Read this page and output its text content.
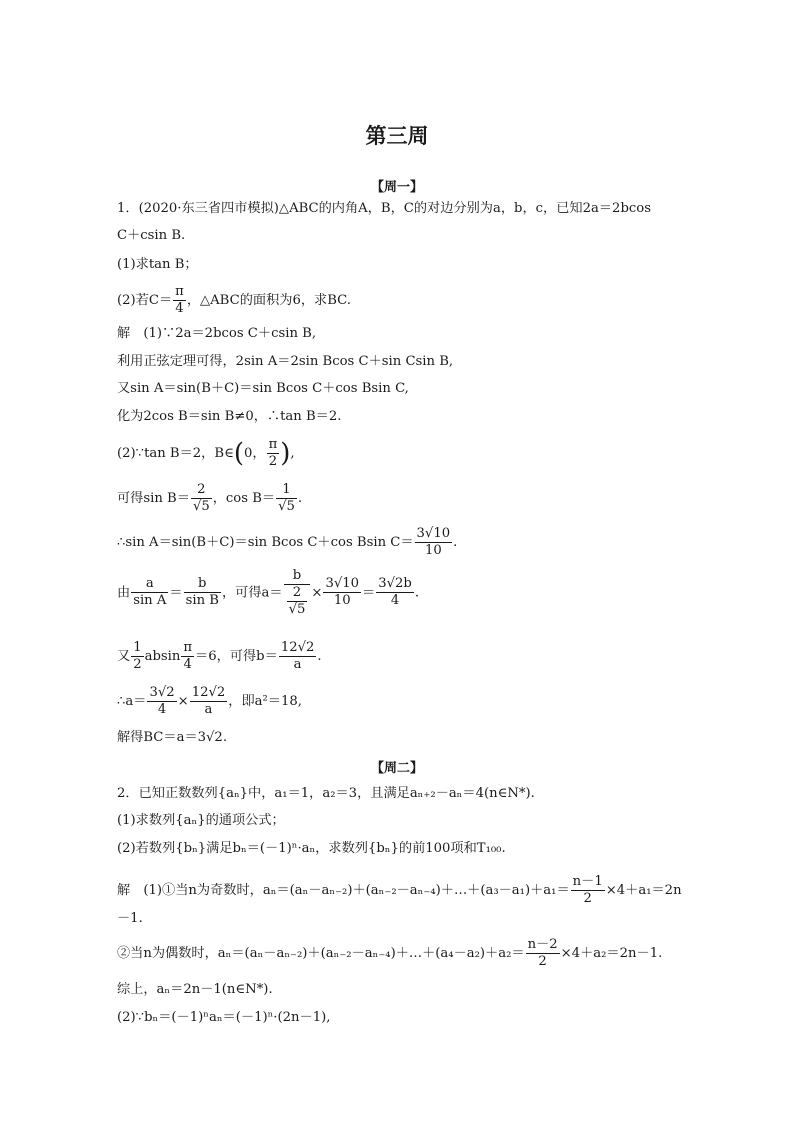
第三周
【周一】
1．(2020·东三省四市模拟)△ABC的内角A，B，C的对边分别为a，b，c，已知2a＝2bcos
C＋csin B.
(1)求tan B；
(2)若$C= \frac{\pi}{4}$ ，△ABC的面积为6，求BC.
解　(1)∵2a＝2bcos C＋csin B,
利用正弦定理可得，2sin A＝2sin Bcos C＋sin Csin B,
又sin A＝sin(B＋C)＝sin Bcos C＋cos Bsin C,
化为2cos B＝sin B≠0，∴tan B＝2.
(2)∵tan B＝2，B∈(0， $\frac{\pi}{2}$ ),
可得$\sin B= \frac{2}{√5}$ ，$\cos B= \frac{1}{√5}$ .
∴sin A＝sin(B＋C)＝sin Bcos C＋cos Bsin $C= \frac{3√10}{10}$ .
由 $\frac{a}{\text{sin A}} = \frac{b}{\text{sin B}}$ ，可得$a= \frac{b}{\frac{2}{√5}} \times \frac{3√10}{10} = \frac{3√2b}{4}$ .
又 $\frac{1}{2}$ absin $\frac{\pi}{4} =6$，可得$b= \frac{12√2}{a}$ .
∴a＝ $\frac{3√2}{4} \times \frac{12√2}{a}$ ，即a²＝18,
解得BC＝a＝3√2.
【周二】
2．已知正数数列{aₙ}中，a₁＝1，a₂＝3，且满足aₙ₊₂－aₙ＝4(n∈N*).
(1)求数列{aₙ}的通项公式；
(2)若数列{bₙ}满足bₙ＝(－1)ⁿ·aₙ，求数列{bₙ}的前100项和T₁₀₀.
解　(1)①当n为奇数时，aₙ＝(aₙ－aₙ₋₂)＋(aₙ₋₂－aₙ₋₄)＋…＋(a₃－a₁)＋a₁＝ $\frac{n-1}{2} \times 4+a_1=2n$
－1.
②当n为偶数时，aₙ＝(aₙ－aₙ₋₂)＋(aₙ₋₂－aₙ₋₄)＋…＋(a₄－a₂)＋a₂＝ $\frac{n-2}{2} \times 4+a_2=2n-1$.
综上，aₙ＝2n－1(n∈N*).
(2)∵bₙ＝(－1)ⁿaₙ＝(－1)ⁿ·(2n－1),
